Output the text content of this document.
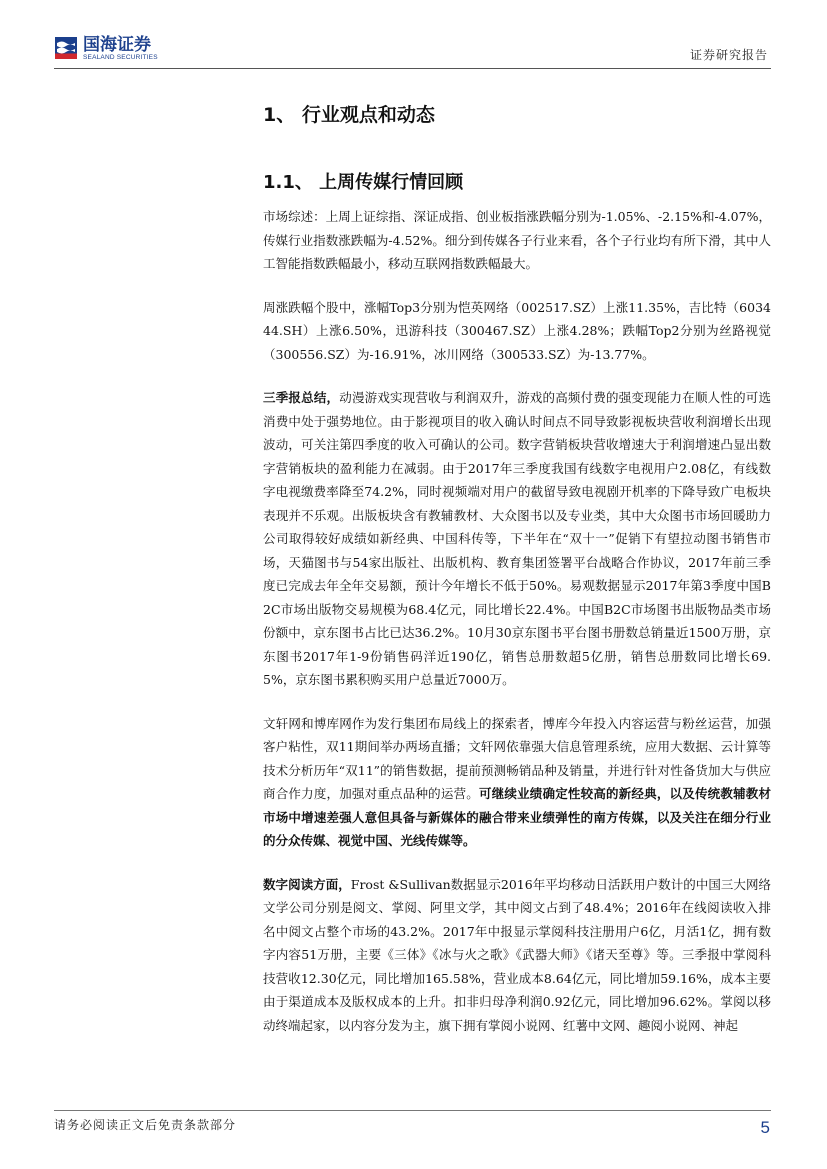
国海证券
SEALAND SECURITIES	证券研究报告
1、 行业观点和动态
1.1、 上周传媒行情回顾

市场综述：上周上证综指、深证成指、创业板指涨跌幅分别为-1.05%、-2.15%和-4.07%，传媒行业指数涨跌幅为-4.52%。细分到传媒各子行业来看，各个子行业均有所下滑，其中人工智能指数跌幅最小，移动互联网指数跌幅最大。

周涨跌幅个股中，涨幅Top3分别为恺英网络（002517.SZ）上涨11.35%，吉比特（603444.SH）上涨6.50%，迅游科技（300467.SZ）上涨4.28%；跌幅Top2分别为丝路视觉（300556.SZ）为-16.91%，冰川网络（300533.SZ）为-13.77%。

三季报总结，动漫游戏实现营收与利润双升，游戏的高频付费的强变现能力在顺人性的可选消费中处于强势地位。由于影视项目的收入确认时间点不同导致影视板块营收利润增长出现波动，可关注第四季度的收入可确认的公司。数字营销板块营收增速大于利润增速凸显出数字营销板块的盈利能力在减弱。由于2017年三季度我国有线数字电视用户2.08亿，有线数字电视缴费率降至74.2%，同时视频端对用户的截留导致电视剧开机率的下降导致广电板块表现并不乐观。出版板块含有教辅教材、大众图书以及专业类，其中大众图书市场回暖助力公司取得较好成绩如新经典、中国科传等，下半年在“双十一”促销下有望拉动图书销售市场，天猫图书与54家出版社、出版机构、教育集团签署平台战略合作协议，2017年前三季度已完成去年全年交易额，预计今年增长不低于50%。易观数据显示2017年第3季度中国B2C市场出版物交易规模为68.4亿元，同比增长22.4%。中国B2C市场图书出版物品类市场份额中，京东图书占比已达36.2%。10月30京东图书平台图书册数总销量近1500万册，京东图书2017年1-9份销售码洋近190亿，销售总册数超5亿册，销售总册数同比增长69.5%，京东图书累积购买用户总量近7000万。

文轩网和博库网作为发行集团布局线上的探索者，博库今年投入内容运营与粉丝运营，加强客户粘性，双11期间举办两场直播；文轩网依靠强大信息管理系统，应用大数据、云计算等技术分析历年“双11”的销售数据，提前预测畅销品种及销量，并进行针对性备货加大与供应商合作力度，加强对重点品种的运营。可继续业绩确定性较高的新经典，以及传统教辅教材市场中增速差强人意但具备与新媒体的融合带来业绩弹性的南方传媒，以及关注在细分行业的分众传媒、视觉中国、光线传媒等。

数字阅读方面，Frost &Sullivan数据显示2016年平均移动日活跃用户数计的中国三大网络文学公司分别是阅文、掌阅、阿里文学，其中阅文占到了48.4%；2016年在线阅读收入排名中阅文占整个市场的43.2%。2017年中报显示掌阅科技注册用户6亿，月活1亿，拥有数字内容51万册，主要《三体》《冰与火之歌》《武器大师》《诸天至尊》等。三季报中掌阅科技营收12.30亿元，同比增加165.58%，营业成本8.64亿元，同比增加59.16%，成本主要由于渠道成本及版权成本的上升。扣非归母净利润0.92亿元，同比增加96.62%。掌阅以移动终端起家，以内容分发为主，旗下拥有掌阅小说网、红薯中文网、趣阅小说网、神起

请务必阅读正文后免责条款部分	5
